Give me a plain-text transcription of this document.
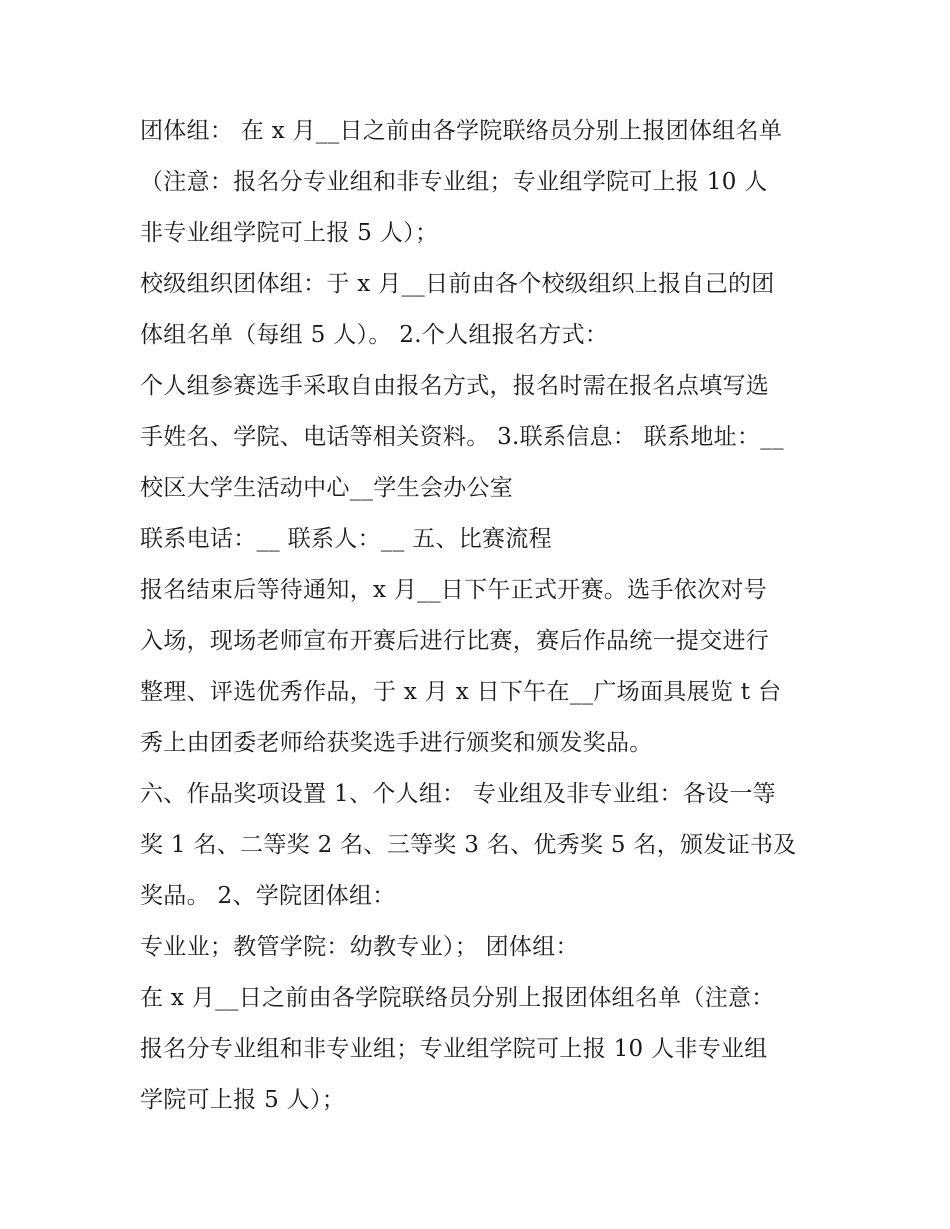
团体组： 在 x 月__日之前由各学院联络员分别上报团体组名单
（注意：报名分专业组和非专业组；专业组学院可上报 10 人
非专业组学院可上报 5 人）；
校级组织团体组：于 x 月__日前由各个校级组织上报自己的团
体组名单（每组 5 人）。 2.个人组报名方式：
个人组参赛选手采取自由报名方式，报名时需在报名点填写选
手姓名、学院、电话等相关资料。 3.联系信息： 联系地址：__
校区大学生活动中心__学生会办公室
联系电话：__ 联系人：__ 五、比赛流程
报名结束后等待通知，x 月__日下午正式开赛。选手依次对号
入场，现场老师宣布开赛后进行比赛，赛后作品统一提交进行
整理、评选优秀作品，于 x 月 x 日下午在__广场面具展览 t 台
秀上由团委老师给获奖选手进行颁奖和颁发奖品。
六、作品奖项设置 1、个人组： 专业组及非专业组：各设一等
奖 1 名、二等奖 2 名、三等奖 3 名、优秀奖 5 名，颁发证书及
奖品。 2、学院团体组：
专业业；教管学院：幼教专业）； 团体组：
在 x 月__日之前由各学院联络员分别上报团体组名单（注意：
报名分专业组和非专业组；专业组学院可上报 10 人非专业组
学院可上报 5 人）；
